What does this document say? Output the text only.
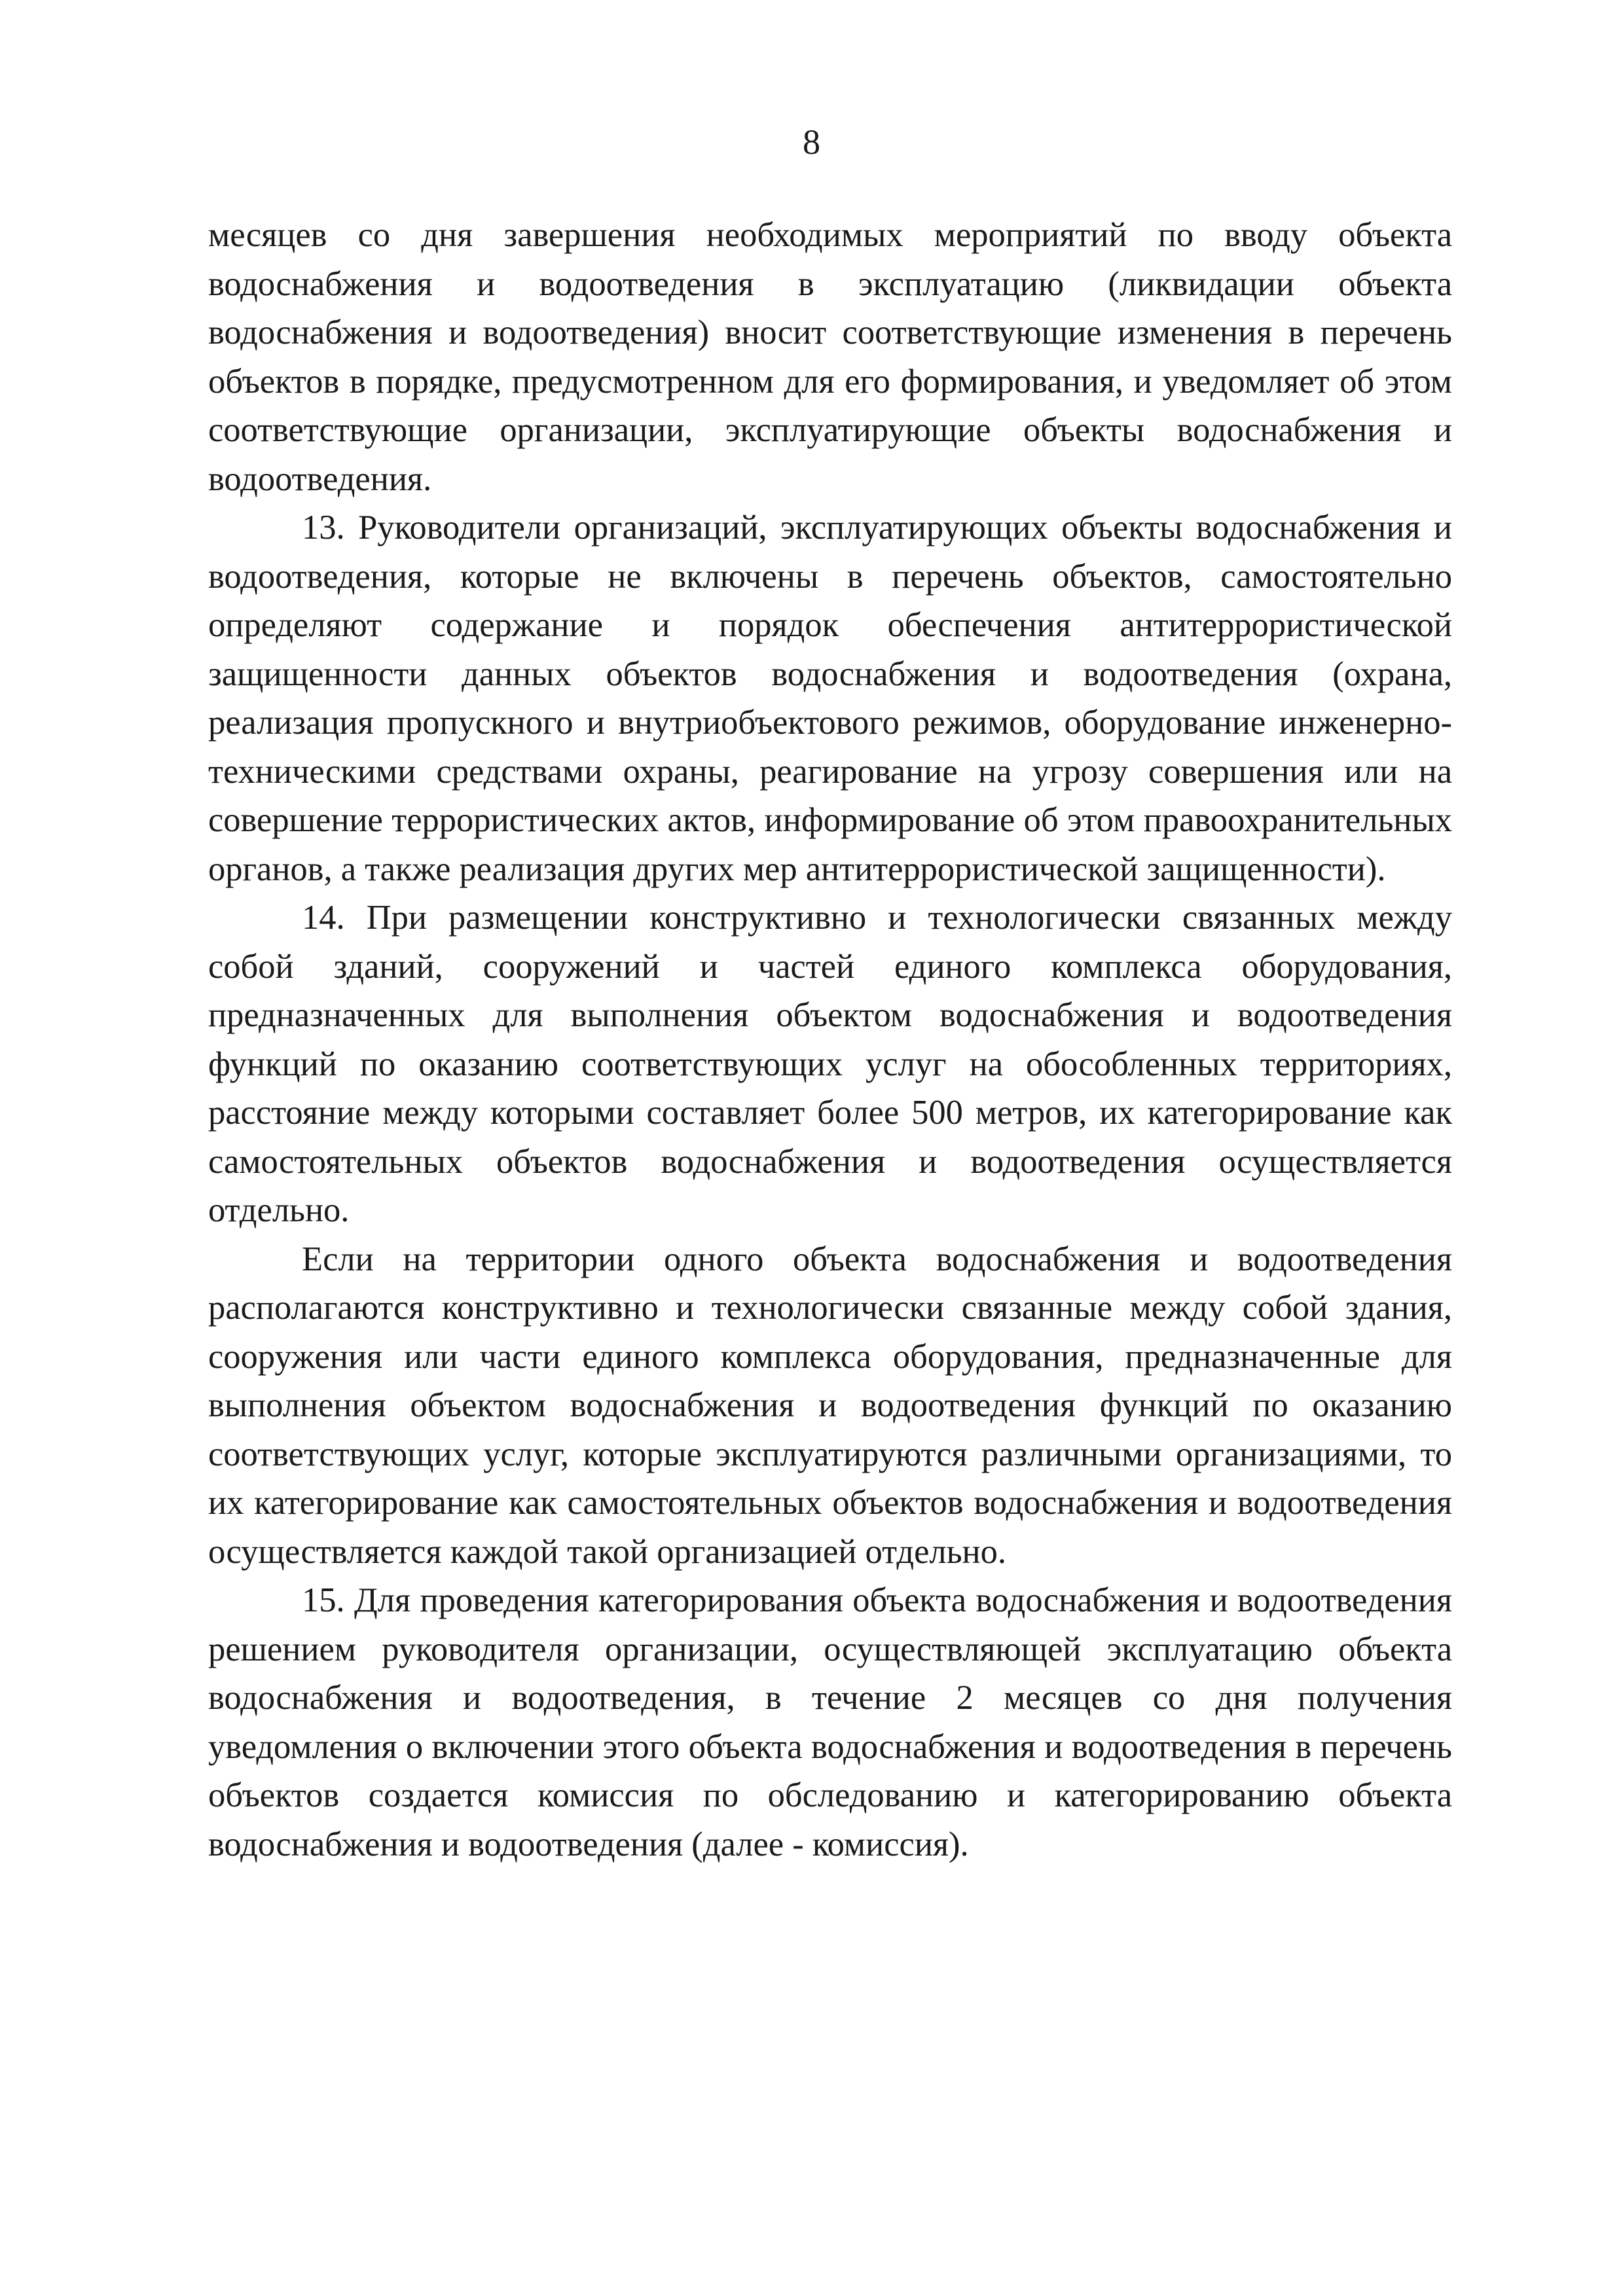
8

месяцев со дня завершения необходимых мероприятий по вводу объекта водоснабжения и водоотведения в эксплуатацию (ликвидации объекта водоснабжения и водоотведения) вносит соответствующие изменения в перечень объектов в порядке, предусмотренном для его формирования, и уведомляет об этом соответствующие организации, эксплуатирующие объекты водоснабжения и водоотведения.

13. Руководители организаций, эксплуатирующих объекты водоснабжения и водоотведения, которые не включены в перечень объектов, самостоятельно определяют содержание и порядок обеспечения антитеррористической защищенности данных объектов водоснабжения и водоотведения (охрана, реализация пропускного и внутриобъектового режимов, оборудование инженерно-техническими средствами охраны, реагирование на угрозу совершения или на совершение террористических актов, информирование об этом правоохранительных органов, а также реализация других мер антитеррористической защищенности).

14. При размещении конструктивно и технологически связанных между собой зданий, сооружений и частей единого комплекса оборудования, предназначенных для выполнения объектом водоснабжения и водоотведения функций по оказанию соответствующих услуг на обособленных территориях, расстояние между которыми составляет более 500 метров, их категорирование как самостоятельных объектов водоснабжения и водоотведения осуществляется отдельно.

Если на территории одного объекта водоснабжения и водоотведения располагаются конструктивно и технологически связанные между собой здания, сооружения или части единого комплекса оборудования, предназначенные для выполнения объектом водоснабжения и водоотведения функций по оказанию соответствующих услуг, которые эксплуатируются различными организациями, то их категорирование как самостоятельных объектов водоснабжения и водоотведения осуществляется каждой такой организацией отдельно.

15. Для проведения категорирования объекта водоснабжения и водоотведения решением руководителя организации, осуществляющей эксплуатацию объекта водоснабжения и водоотведения, в течение 2 месяцев со дня получения уведомления о включении этого объекта водоснабжения и водоотведения в перечень объектов создается комиссия по обследованию и категорированию объекта водоснабжения и водоотведения (далее - комиссия).
